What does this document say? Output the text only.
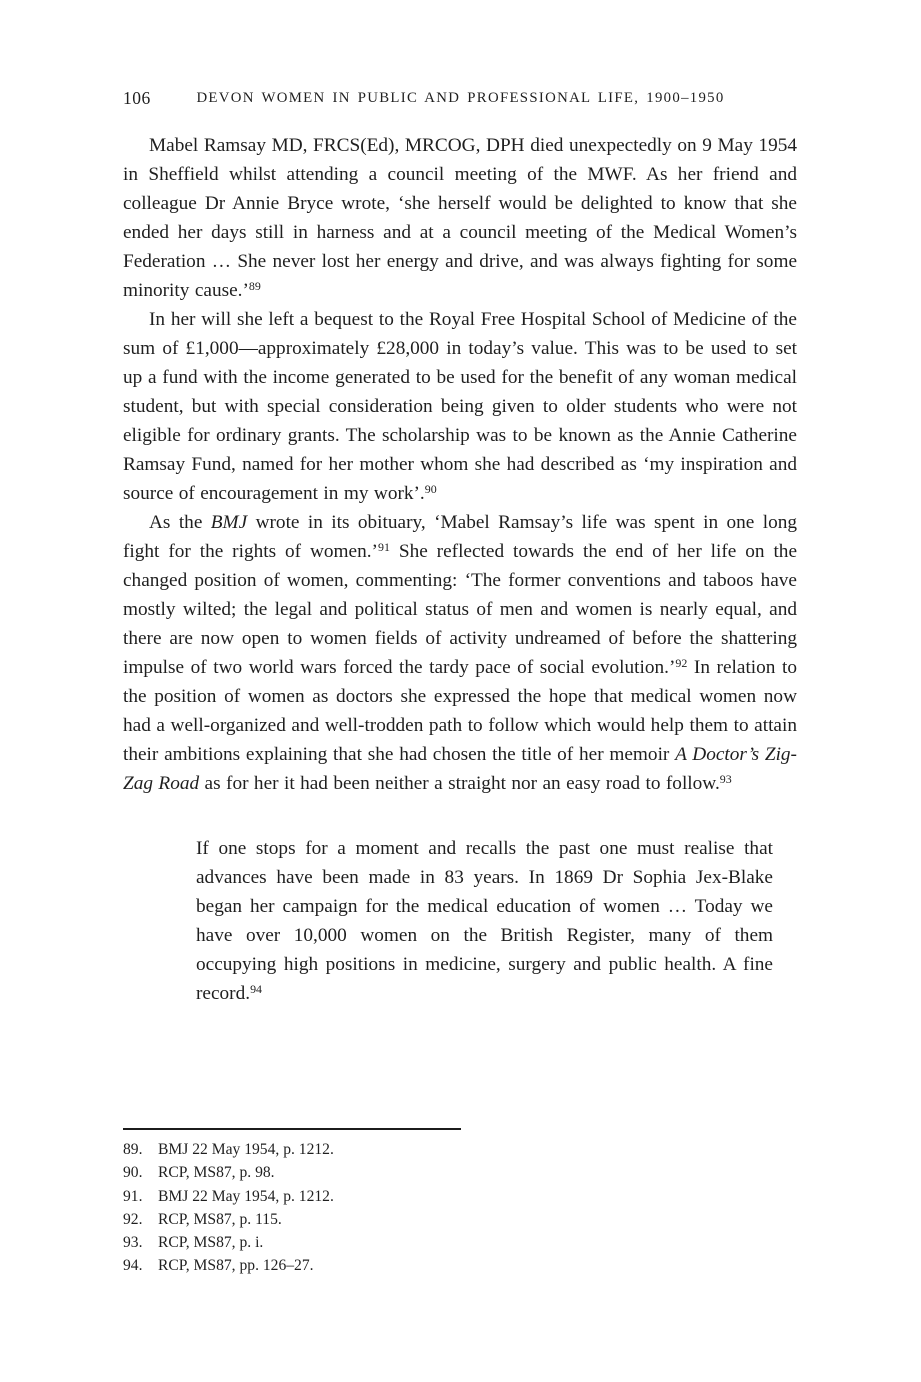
106	DEVON WOMEN IN PUBLIC AND PROFESSIONAL LIFE, 1900–1950

Mabel Ramsay MD, FRCS(Ed), MRCOG, DPH died unexpectedly on 9 May 1954 in Sheffield whilst attending a council meeting of the MWF. As her friend and colleague Dr Annie Bryce wrote, ‘she herself would be delighted to know that she ended her days still in harness and at a council meeting of the Medical Women’s Federation … She never lost her energy and drive, and was always fighting for some minority cause.’$^{89}$

In her will she left a bequest to the Royal Free Hospital School of Medicine of the sum of £1,000—approximately £28,000 in today’s value. This was to be used to set up a fund with the income generated to be used for the benefit of any woman medical student, but with special consideration being given to older students who were not eligible for ordinary grants. The scholarship was to be known as the Annie Catherine Ramsay Fund, named for her mother whom she had described as ‘my inspiration and source of encouragement in my work’.$^{90}$

As the BMJ wrote in its obituary, ‘Mabel Ramsay’s life was spent in one long fight for the rights of women.’$^{91}$ She reflected towards the end of her life on the changed position of women, commenting: ‘The former conventions and taboos have mostly wilted; the legal and political status of men and women is nearly equal, and there are now open to women fields of activity undreamed of before the shattering impulse of two world wars forced the tardy pace of social evolution.’$^{92}$ In relation to the position of women as doctors she expressed the hope that medical women now had a well-organized and well-trodden path to follow which would help them to attain their ambitions explaining that she had chosen the title of her memoir A Doctor’s Zig-Zag Road as for her it had been neither a straight nor an easy road to follow.$^{93}$

If one stops for a moment and recalls the past one must realise that advances have been made in 83 years. In 1869 Dr Sophia Jex-Blake began her campaign for the medical education of women … Today we have over 10,000 women on the British Register, many of them occupying high positions in medicine, surgery and public health. A fine record.$^{94}$
89. BMJ 22 May 1954, p. 1212.
90. RCP, MS87, p. 98.
91. BMJ 22 May 1954, p. 1212.
92. RCP, MS87, p. 115.
93. RCP, MS87, p. i.
94. RCP, MS87, pp. 126–27.
